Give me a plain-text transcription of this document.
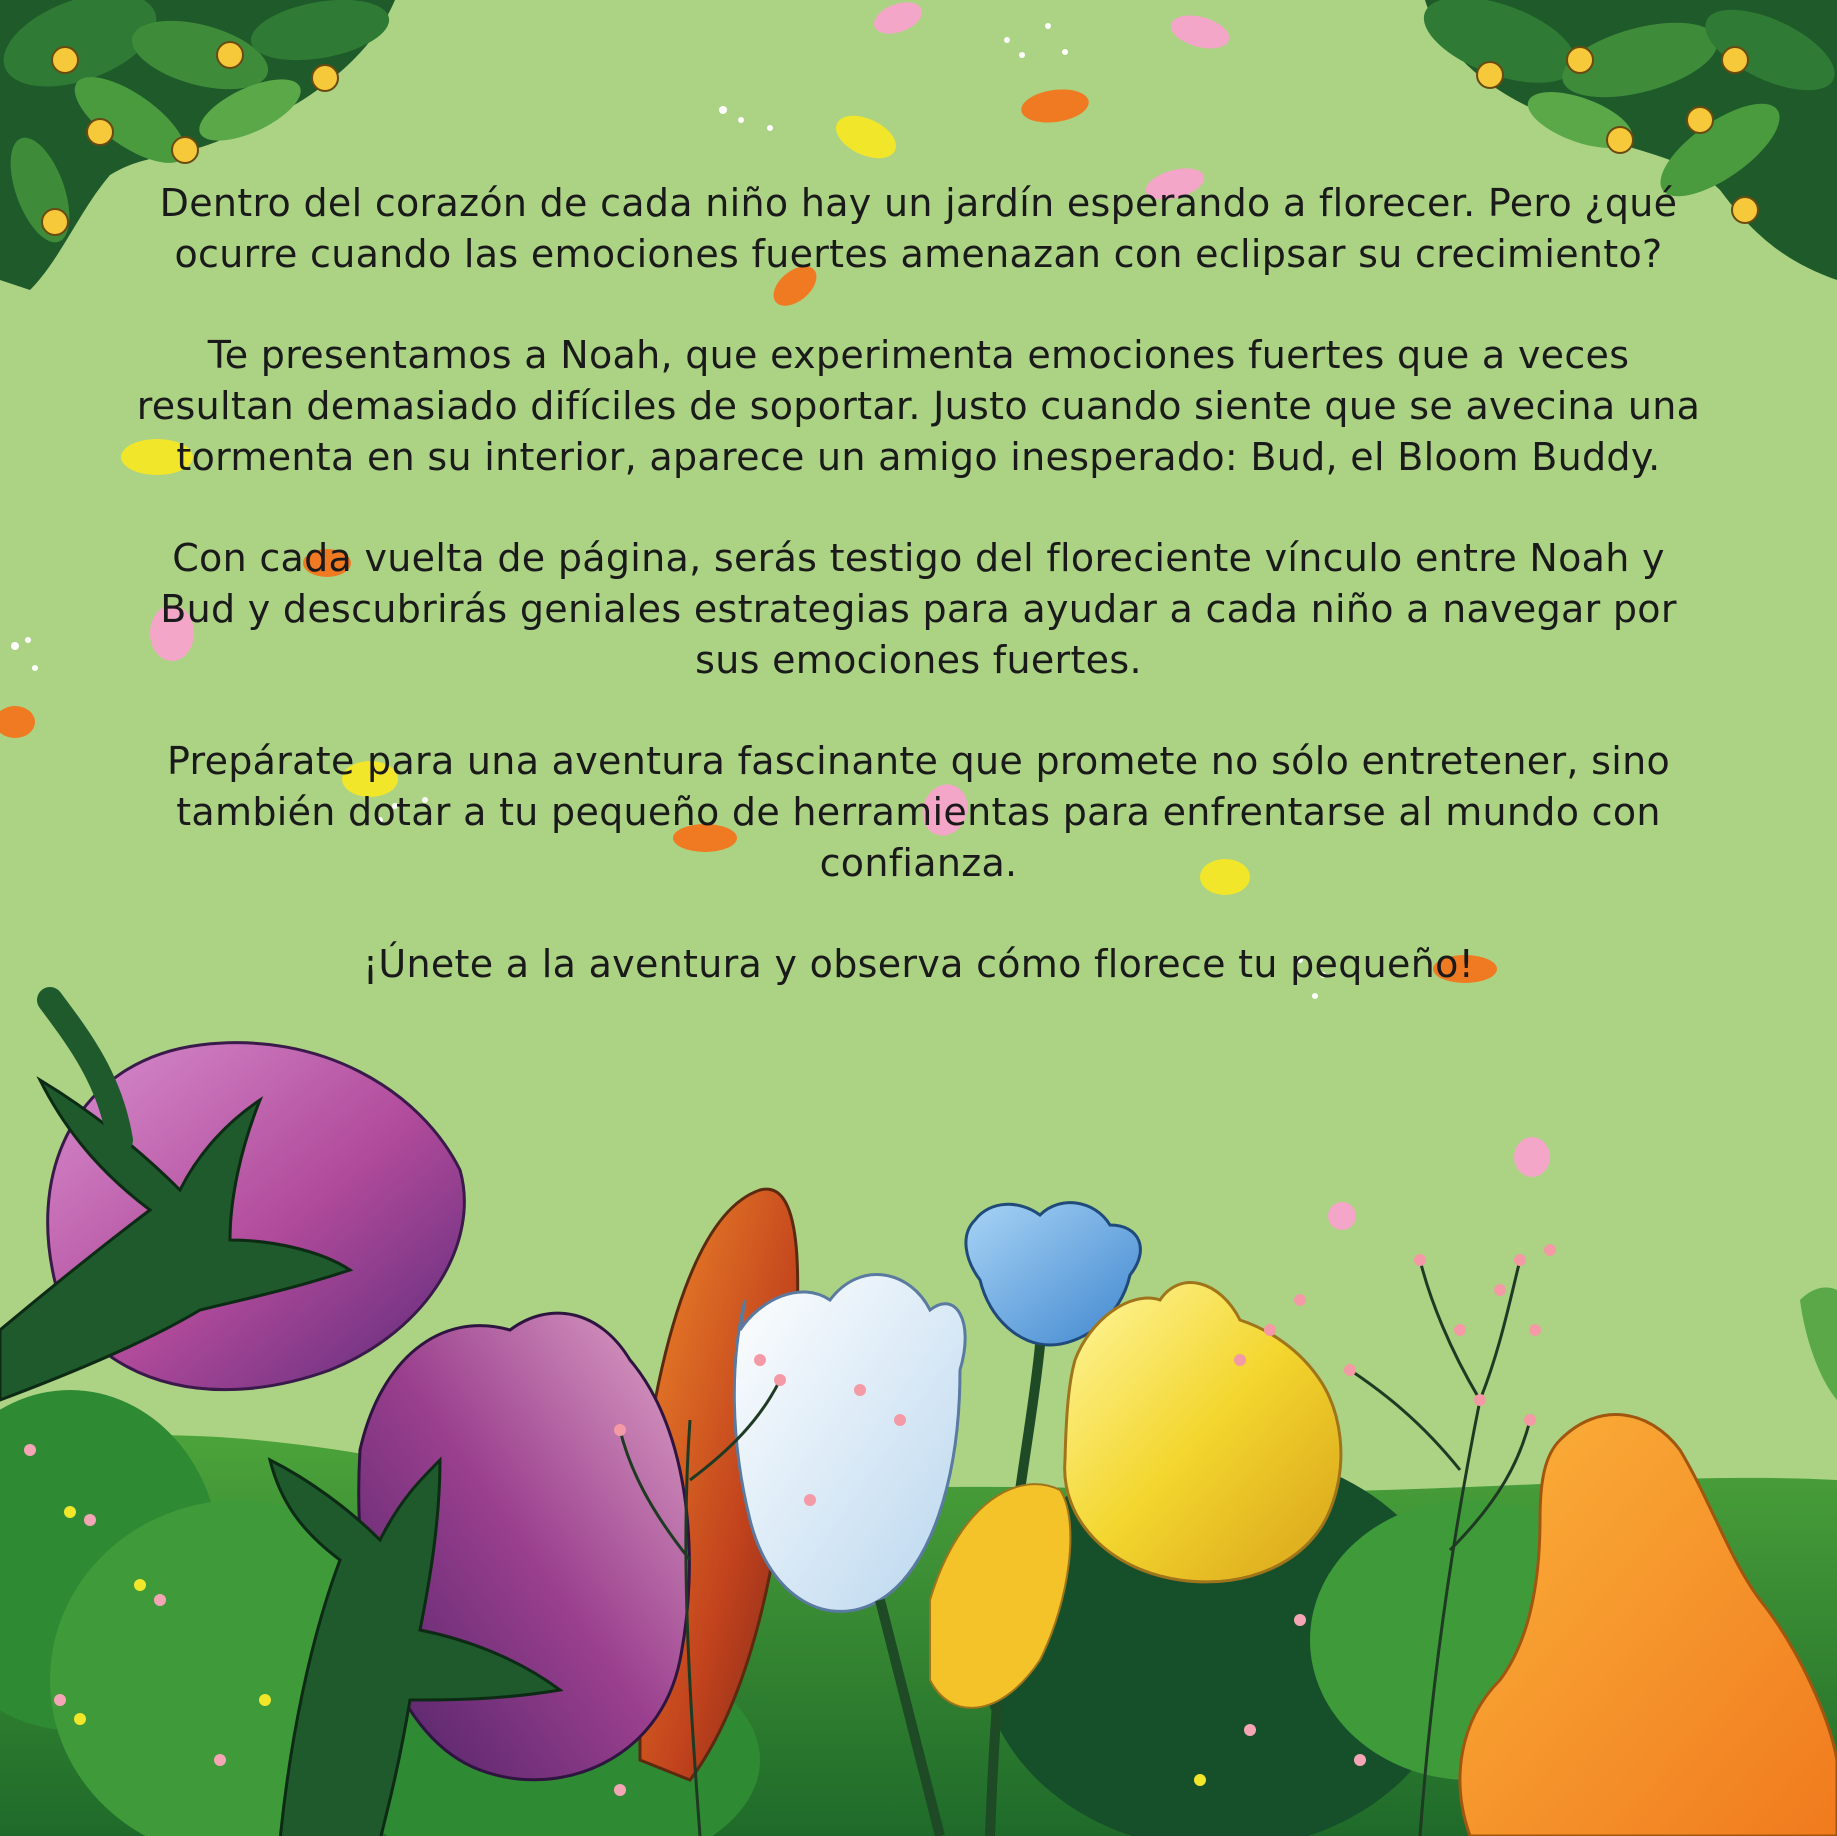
Dentro del corazón de cada niño hay un jardín esperando a florecer. Pero ¿qué ocurre cuando las emociones fuertes amenazan con eclipsar su crecimiento?

Te presentamos a Noah, que experimenta emociones fuertes que a veces resultan demasiado difíciles de soportar. Justo cuando siente que se avecina una tormenta en su interior, aparece un amigo inesperado: Bud, el Bloom Buddy.

Con cada vuelta de página, serás testigo del floreciente vínculo entre Noah y Bud y descubrirás geniales estrategias para ayudar a cada niño a navegar por sus emociones fuertes.

Prepárate para una aventura fascinante que promete no sólo entretener, sino también dotar a tu pequeño de herramientas para enfrentarse al mundo con confianza.

¡Únete a la aventura y observa cómo florece tu pequeño!
